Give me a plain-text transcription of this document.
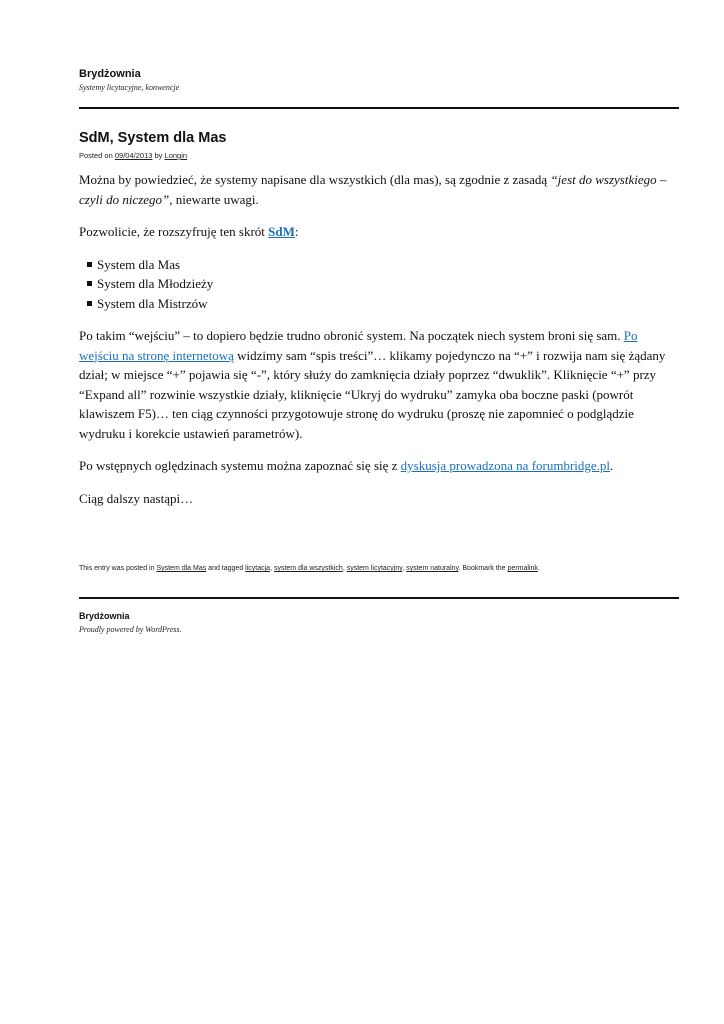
Brydżownia
Systemy licytacyjne, konwencje
SdM, System dla Mas
Posted on 09/04/2013 by Longin

Można by powiedzieć, że systemy napisane dla wszystkich (dla mas), są zgodnie z zasadą “jest do wszystkiego – czyli do niczego”, niewarte uwagi.

Pozwolicie, że rozszyfruję ten skrót SdM:

System dla Mas
System dla Młodzieży
System dla Mistrzów

Po takim “wejściu” – to dopiero będzie trudno obronić system. Na początek niech system broni się sam. Po wejściu na stronę internetową widzimy sam “spis treści”… klikamy pojedynczo na “+” i rozwija nam się żądany dział; w miejsce “+” pojawia się “-”, który służy do zamknięcia działy poprzez “dwuklik”. Kliknięcie “+” przy “Expand all” rozwinie wszystkie działy, kliknięcie “Ukryj do wydruku” zamyka oba boczne paski (powrót klawiszem F5)… ten ciąg czynności przygotowuje stronę do wydruku (proszę nie zapomnieć o podglądzie wydruku i korekcie ustawień parametrów).

Po wstępnych oględzinach systemu można zapoznać się się z dyskusja prowadzona na forumbridge.pl.

Ciąg dalszy nastąpi…

This entry was posted in System dla Mas and tagged licytacja, system dla wszystkich, system licytacyjny, system naturalny. Bookmark the permalink.
Brydżownia
Proudly powered by WordPress.
